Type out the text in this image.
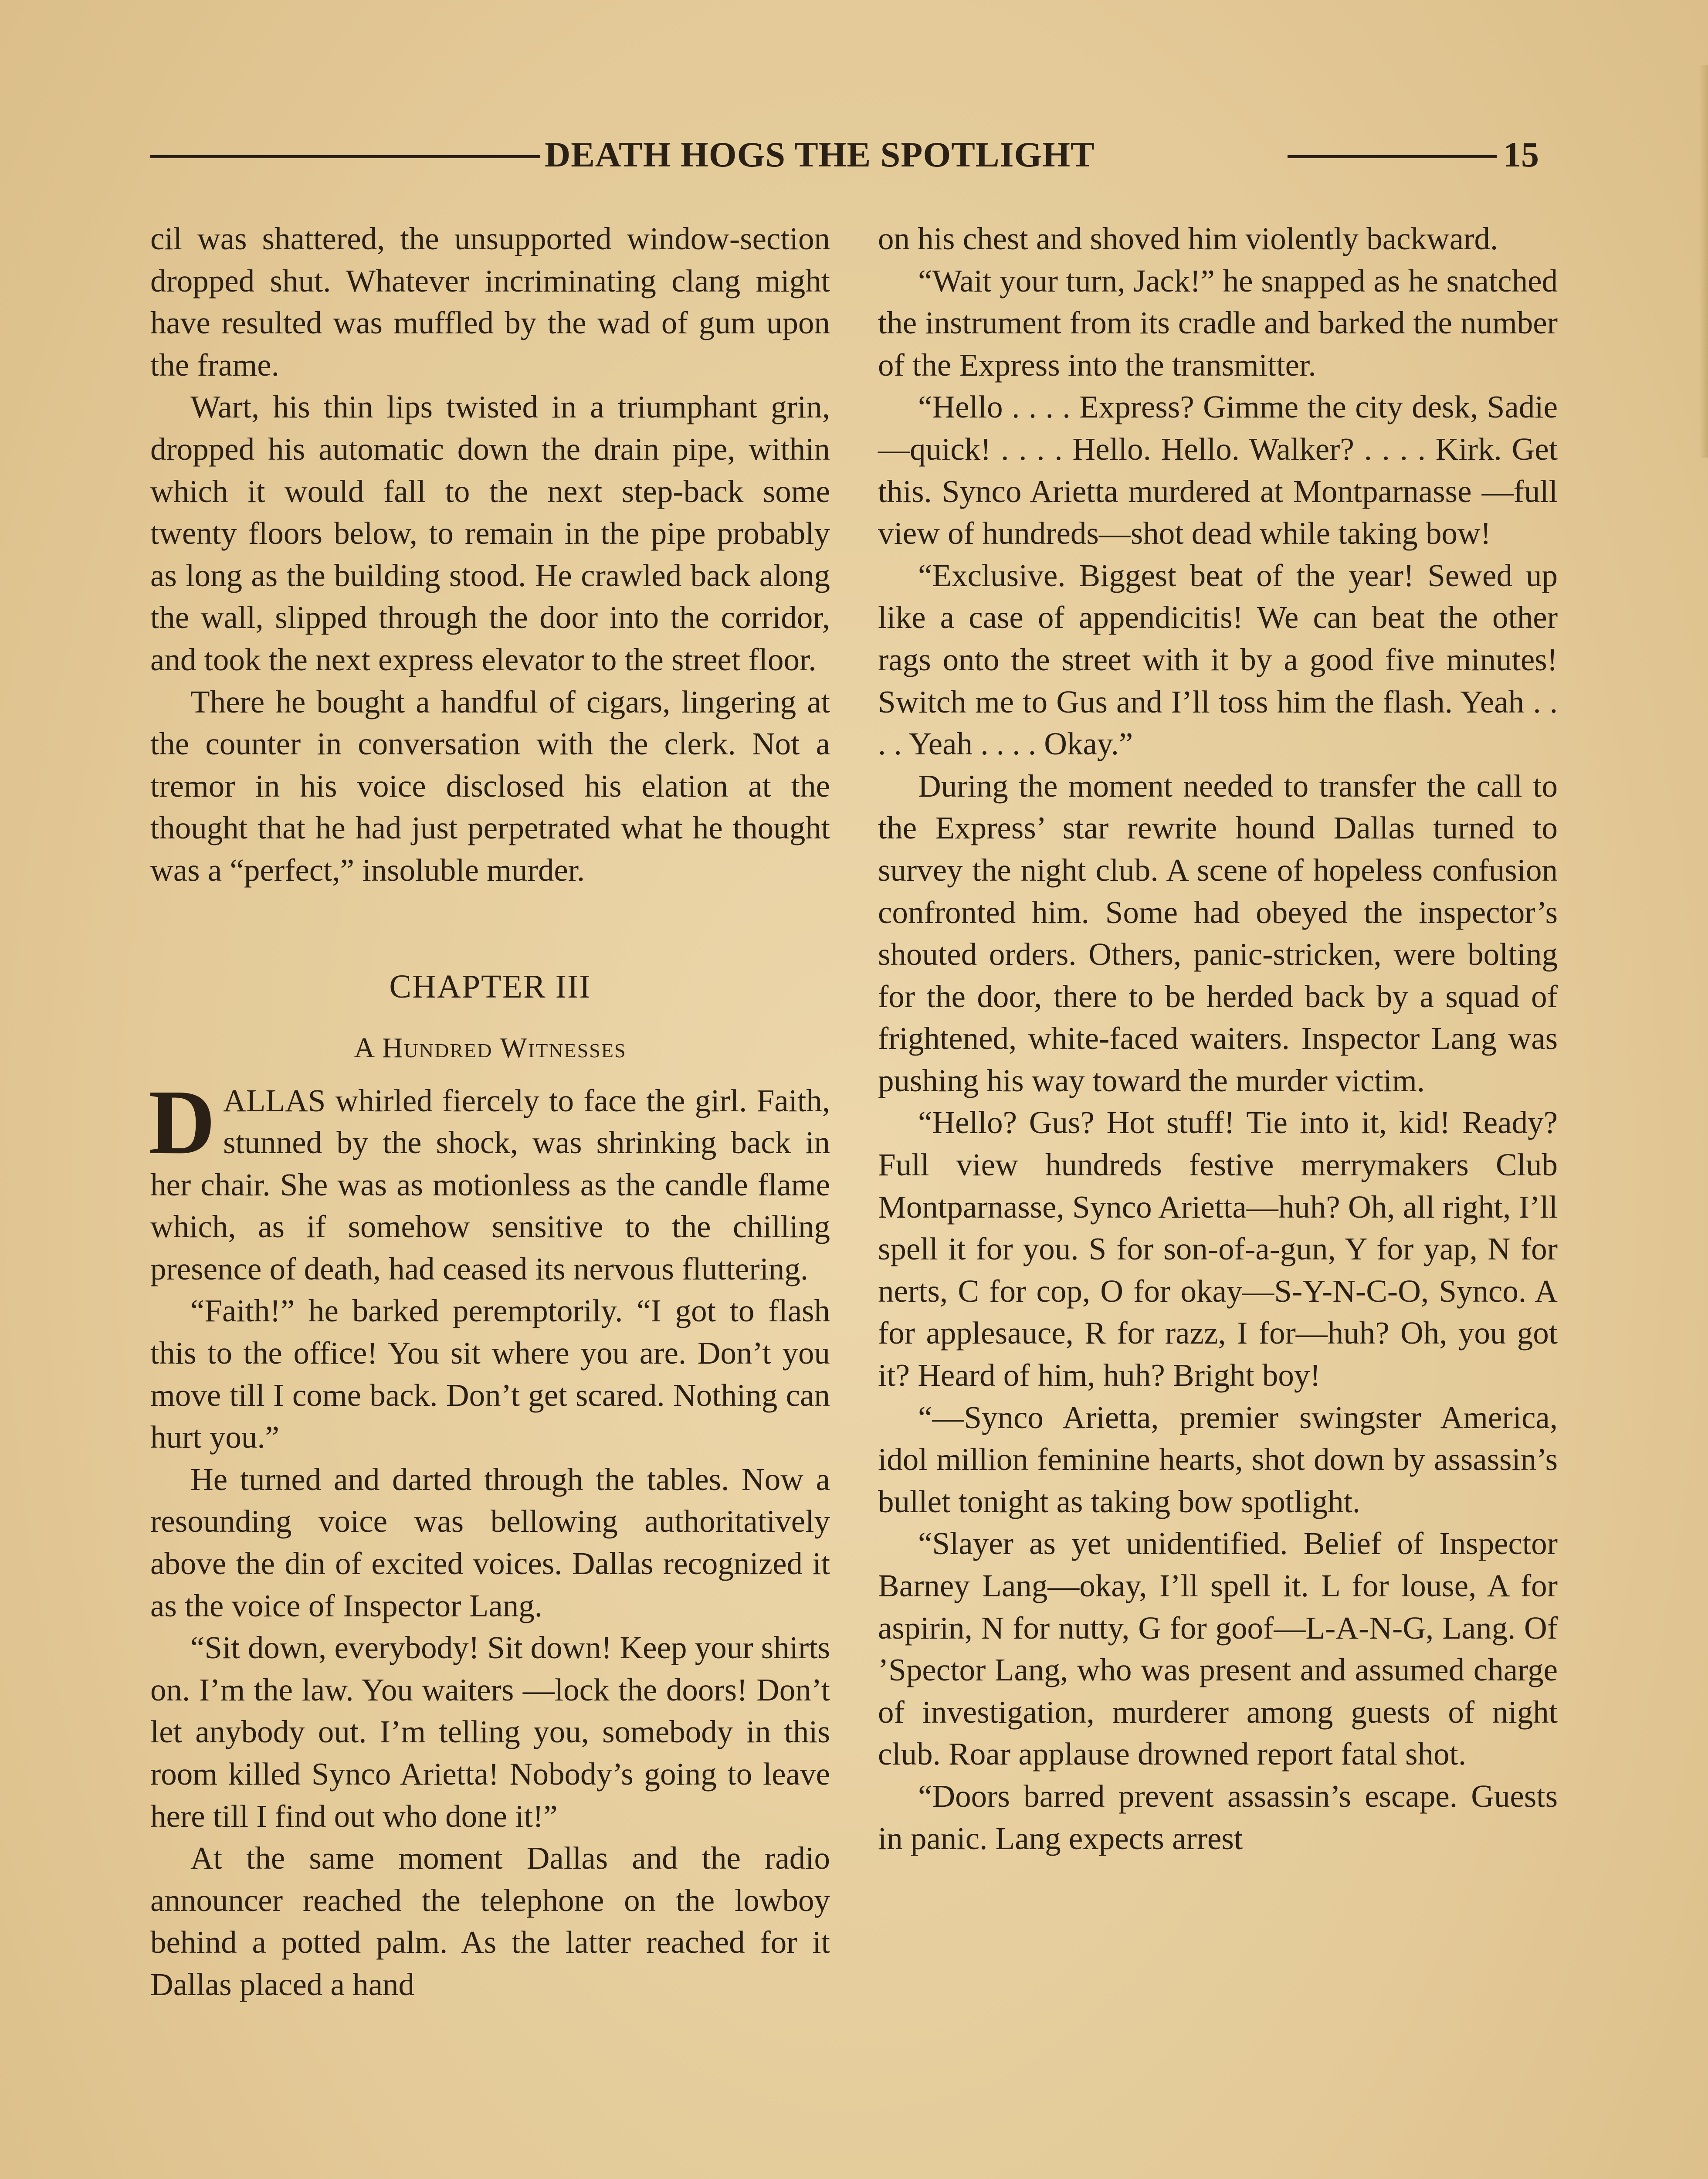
DEATH HOGS THE SPOTLIGHT	15

cil was shattered, the unsupported window-section dropped shut. Whatever incriminating clang might have resulted was muffled by the wad of gum upon the frame.

Wart, his thin lips twisted in a triumphant grin, dropped his automatic down the drain pipe, within which it would fall to the next step-back some twenty floors below, to remain in the pipe probably as long as the building stood. He crawled back along the wall, slipped through the door into the corridor, and took the next express elevator to the street floor.

There he bought a handful of cigars, lingering at the counter in conversation with the clerk. Not a tremor in his voice disclosed his elation at the thought that he had just perpetrated what he thought was a “perfect,” insoluble murder.

CHAPTER III
A Hundred Witnesses

DALLAS whirled fiercely to face the girl. Faith, stunned by the shock, was shrinking back in her chair. She was as motionless as the candle flame which, as if somehow sensitive to the chilling presence of death, had ceased its nervous fluttering.

“Faith!” he barked peremptorily. “I got to flash this to the office! You sit where you are. Don’t you move till I come back. Don’t get scared. Nothing can hurt you.”

He turned and darted through the tables. Now a resounding voice was bellowing authoritatively above the din of excited voices. Dallas recognized it as the voice of Inspector Lang.

“Sit down, everybody! Sit down! Keep your shirts on. I’m the law. You waiters —lock the doors! Don’t let anybody out. I’m telling you, somebody in this room killed Synco Arietta! Nobody’s going to leave here till I find out who done it!”

At the same moment Dallas and the radio announcer reached the telephone on the lowboy behind a potted palm. As the latter reached for it Dallas placed a hand

on his chest and shoved him violently backward.

“Wait your turn, Jack!” he snapped as he snatched the instrument from its cradle and barked the number of the Express into the transmitter.

“Hello . . . . Express? Gimme the city desk, Sadie—quick! . . . . Hello. Hello. Walker? . . . . Kirk. Get this. Synco Arietta murdered at Montparnasse —full view of hundreds—shot dead while taking bow!

“Exclusive. Biggest beat of the year! Sewed up like a case of appendicitis! We can beat the other rags onto the street with it by a good five minutes! Switch me to Gus and I’ll toss him the flash. Yeah . . . . Yeah . . . . Okay.”

During the moment needed to transfer the call to the Express’ star rewrite hound Dallas turned to survey the night club. A scene of hopeless confusion confronted him. Some had obeyed the inspector’s shouted orders. Others, panic-stricken, were bolting for the door, there to be herded back by a squad of frightened, white-faced waiters. Inspector Lang was pushing his way toward the murder victim.

“Hello? Gus? Hot stuff! Tie into it, kid! Ready? Full view hundreds festive merrymakers Club Montparnasse, Synco Arietta—huh? Oh, all right, I’ll spell it for you. S for son-of-a-gun, Y for yap, N for nerts, C for cop, O for okay—S-Y-N-C-O, Synco. A for applesauce, R for razz, I for—huh? Oh, you got it? Heard of him, huh? Bright boy!

“—Synco Arietta, premier swingster America, idol million feminine hearts, shot down by assassin’s bullet tonight as taking bow spotlight.

“Slayer as yet unidentified. Belief of Inspector Barney Lang—okay, I’ll spell it. L for louse, A for aspirin, N for nutty, G for goof—L-A-N-G, Lang. Of ’Spector Lang, who was present and assumed charge of investigation, murderer among guests of night club. Roar applause drowned report fatal shot.

“Doors barred prevent assassin’s escape. Guests in panic. Lang expects arrest
